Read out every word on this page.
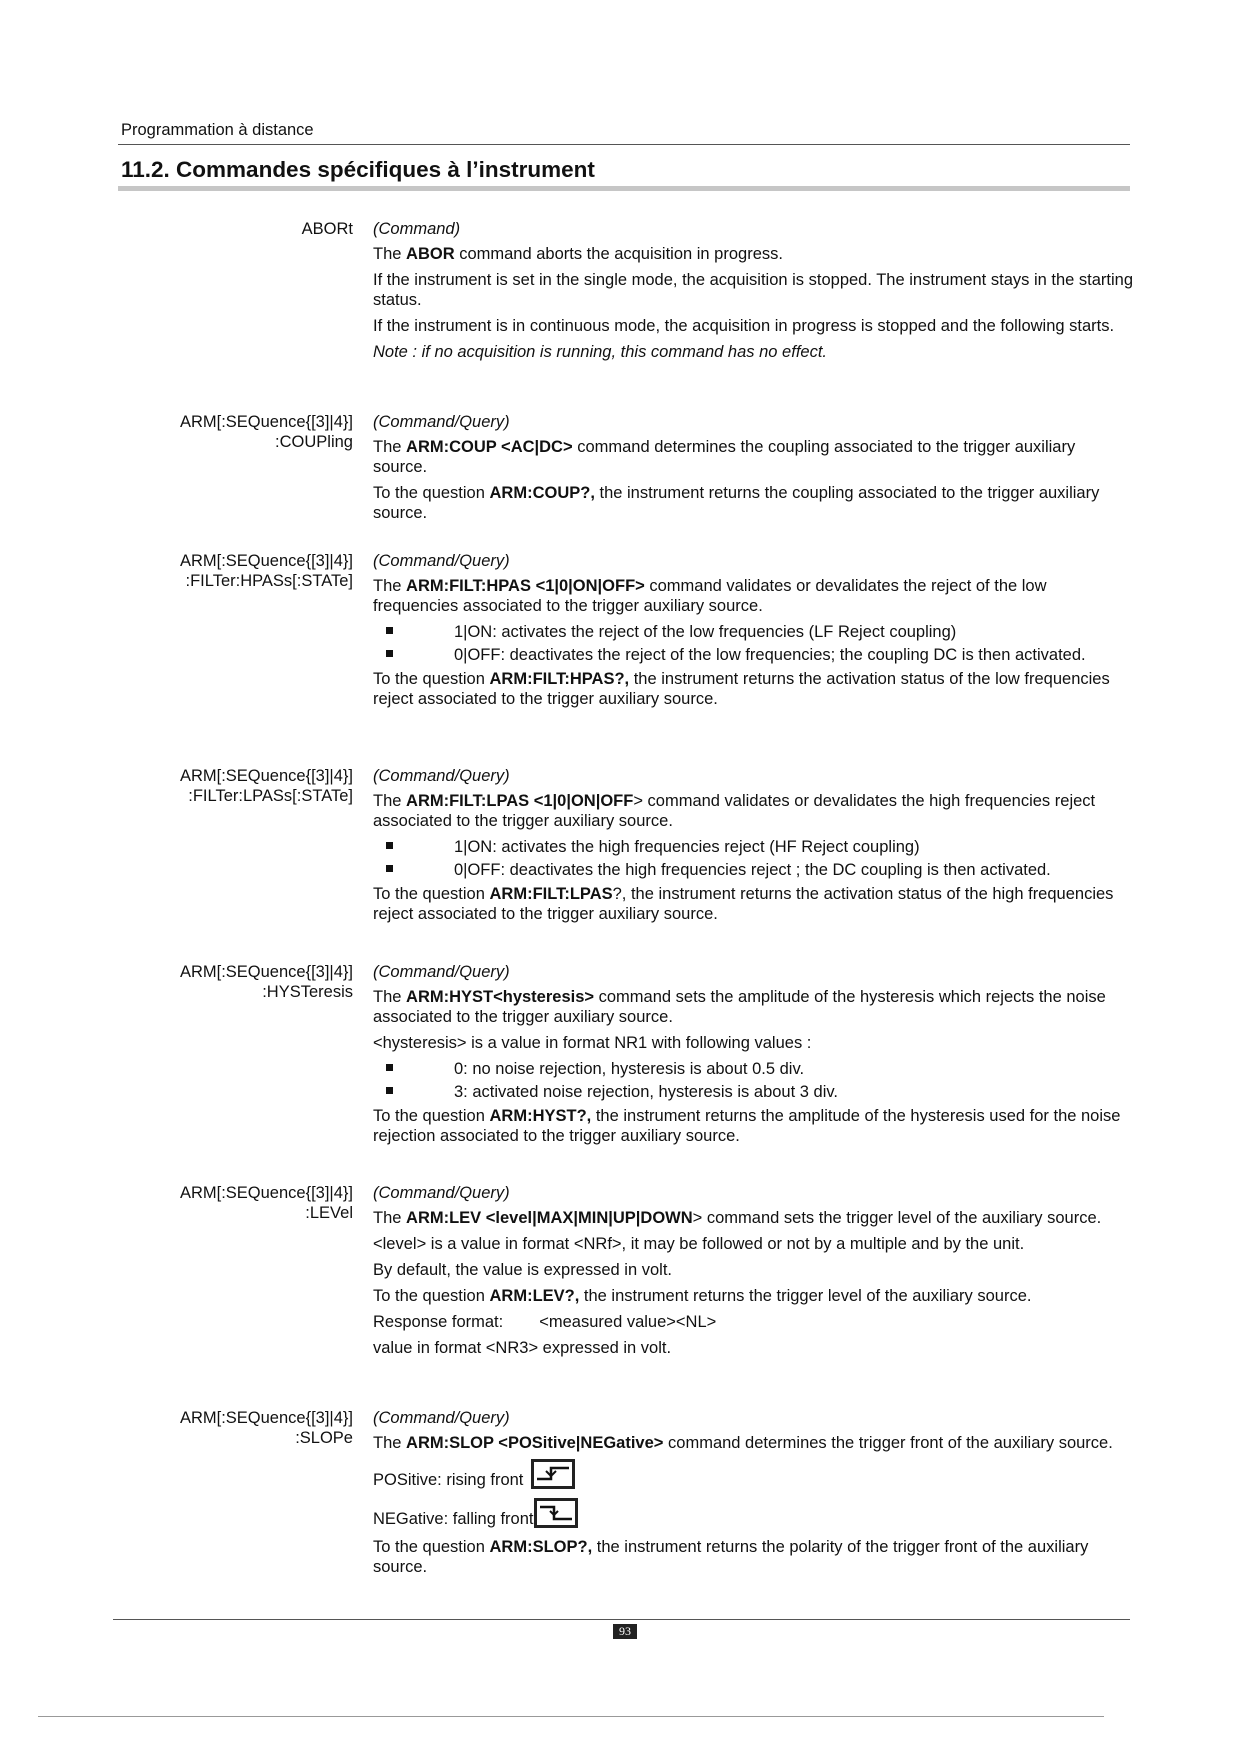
Programmation à distance
11.2. Commandes spécifiques à l’instrument
ABORt (Command)

The ABOR command aborts the acquisition in progress.

If the instrument is set in the single mode, the acquisition is stopped. The instrument stays in the starting status.

If the instrument is in continuous mode, the acquisition in progress is stopped and the following starts.

Note : if no acquisition is running, this command has no effect.

ARM[:SEQuence{[3]|4}]
:COUPling

(Command/Query)

The ARM:COUP <AC|DC> command determines the coupling associated to the trigger auxiliary source.

To the question ARM:COUP?, the instrument returns the coupling associated to the trigger auxiliary source.

ARM[:SEQuence{[3]|4}]
:FILTer:HPASs[:STATe]

(Command/Query)

The ARM:FILT:HPAS <1|0|ON|OFF> command validates or devalidates the reject of the low frequencies associated to the trigger auxiliary source.

1|ON: activates the reject of the low frequencies (LF Reject coupling)
0|OFF: deactivates the reject of the low frequencies; the coupling DC is then activated.

To the question ARM:FILT:HPAS?, the instrument returns the activation status of the low frequencies reject associated to the trigger auxiliary source.

ARM[:SEQuence{[3]|4}]
:FILTer:LPASs[:STATe]

(Command/Query)

The ARM:FILT:LPAS <1|0|ON|OFF> command validates or devalidates the high frequencies reject associated to the trigger auxiliary source.

1|ON: activates the high frequencies reject (HF Reject coupling)
0|OFF: deactivates the high frequencies reject ; the DC coupling is then activated.

To the question ARM:FILT:LPAS?, the instrument returns the activation status of the high frequencies reject associated to the trigger auxiliary source.

ARM[:SEQuence{[3]|4}]
:HYSTeresis

(Command/Query)

The ARM:HYST<hysteresis> command sets the amplitude of the hysteresis which rejects the noise associated to the trigger auxiliary source.

<hysteresis> is a value in format NR1 with following values :

0: no noise rejection, hysteresis is about 0.5 div.
3: activated noise rejection, hysteresis is about 3 div.

To the question ARM:HYST?, the instrument returns the amplitude of the hysteresis used for the noise rejection associated to the trigger auxiliary source.

ARM[:SEQuence{[3]|4}]
:LEVel

(Command/Query)

The ARM:LEV <level|MAX|MIN|UP|DOWN> command sets the trigger level of the auxiliary source.

<level> is a value in format <NRf>, it may be followed or not by a multiple and by the unit.

By default, the value is expressed in volt.

To the question ARM:LEV?, the instrument returns the trigger level of the auxiliary source.

Response format: <measured value><NL>

value in format <NR3> expressed in volt.

ARM[:SEQuence{[3]|4}]
:SLOPe

(Command/Query)

The ARM:SLOP <POSitive|NEGative> command determines the trigger front of the auxiliary source.

POSitive: rising front

NEGative: falling front

To the question ARM:SLOP?, the instrument returns the polarity of the trigger front of the auxiliary source.

93
